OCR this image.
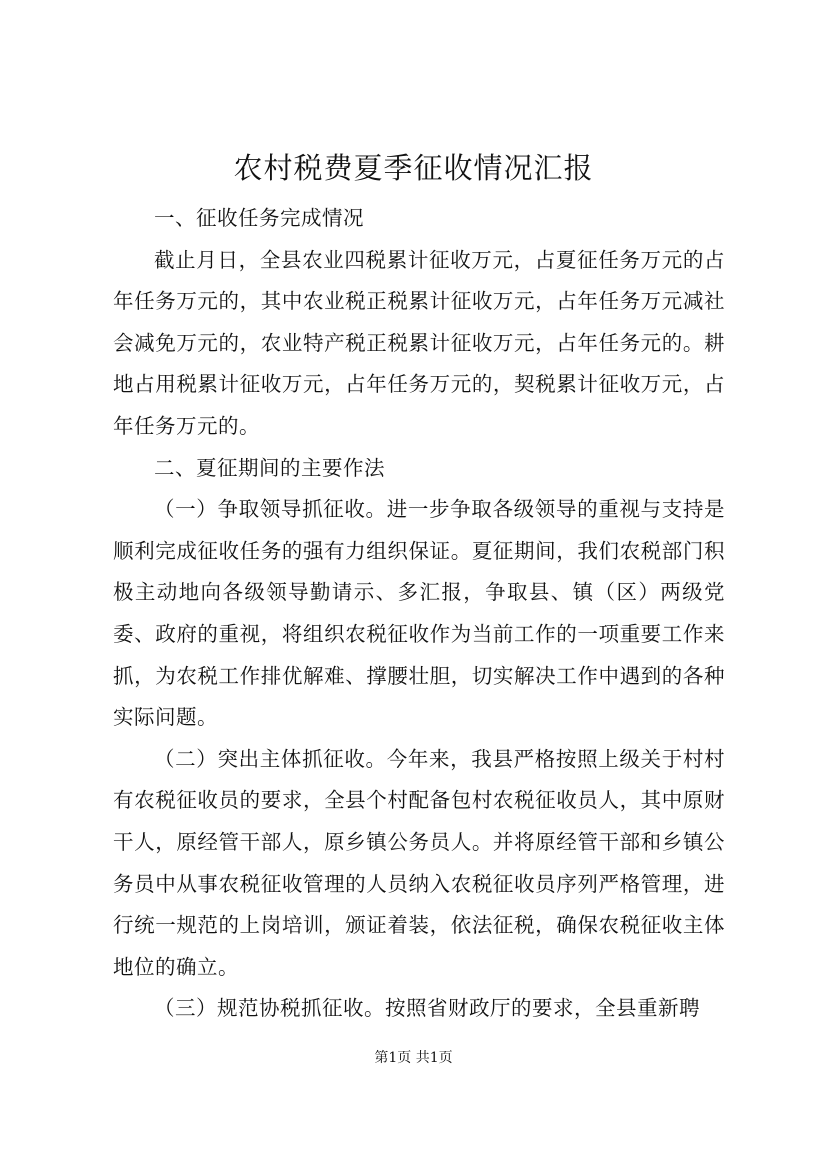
农村税费夏季征收情况汇报

一、征收任务完成情况

截止月日，全县农业四税累计征收万元，占夏征任务万元的占年任务万元的，其中农业税正税累计征收万元，占年任务万元减社会减免万元的，农业特产税正税累计征收万元，占年任务元的。耕地占用税累计征收万元，占年任务万元的，契税累计征收万元，占年任务万元的。

二、夏征期间的主要作法

（一）争取领导抓征收。进一步争取各级领导的重视与支持是顺利完成征收任务的强有力组织保证。夏征期间，我们农税部门积极主动地向各级领导勤请示、多汇报，争取县、镇（区）两级党委、政府的重视，将组织农税征收作为当前工作的一项重要工作来抓，为农税工作排优解难、撑腰壮胆，切实解决工作中遇到的各种实际问题。

（二）突出主体抓征收。今年来，我县严格按照上级关于村村有农税征收员的要求，全县个村配备包村农税征收员人，其中原财干人，原经管干部人，原乡镇公务员人。并将原经管干部和乡镇公务员中从事农税征收管理的人员纳入农税征收员序列严格管理，进行统一规范的上岗培训，颁证着装，依法征税，确保农税征收主体地位的确立。

（三）规范协税抓征收。按照省财政厅的要求，全县重新聘

第1页 共1页
